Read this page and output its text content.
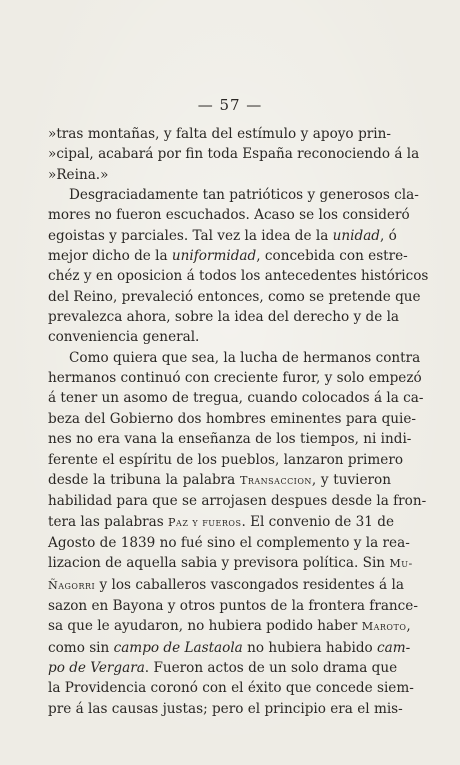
— 57 —

»tras montañas, y falta del estímulo y apoyo prin-
»cipal, acabará por fin toda España reconociendo á la
»Reina.»

Desgraciadamente tan patrióticos y generosos cla-
mores no fueron escuchados. Acaso se los consideró
egoistas y parciales. Tal vez la idea de la unidad, ó
mejor dicho de la uniformidad, concebida con estre-
chéz y en oposicion á todos los antecedentes históricos
del Reino, prevaleció entonces, como se pretende que
prevalezca ahora, sobre la idea del derecho y de la
conveniencia general.

Como quiera que sea, la lucha de hermanos contra
hermanos continuó con creciente furor, y solo empezó
á tener un asomo de tregua, cuando colocados á la ca-
beza del Gobierno dos hombres eminentes para quie-
nes no era vana la enseñanza de los tiempos, ni indi-
ferente el espíritu de los pueblos, lanzaron primero
desde la tribuna la palabra Transaccion, y tuvieron
habilidad para que se arrojasen despues desde la fron-
tera las palabras Paz y fueros. El convenio de 31 de
Agosto de 1839 no fué sino el complemento y la rea-
lizacion de aquella sabia y previsora política. Sin Mu-
Ñagorri y los caballeros vascongados residentes á la
sazon en Bayona y otros puntos de la frontera france-
sa que le ayudaron, no hubiera podido haber Maroto,
como sin campo de Lastaola no hubiera habido cam-
po de Vergara. Fueron actos de un solo drama que
la Providencia coronó con el éxito que concede siem-
pre á las causas justas; pero el principio era el mis-
